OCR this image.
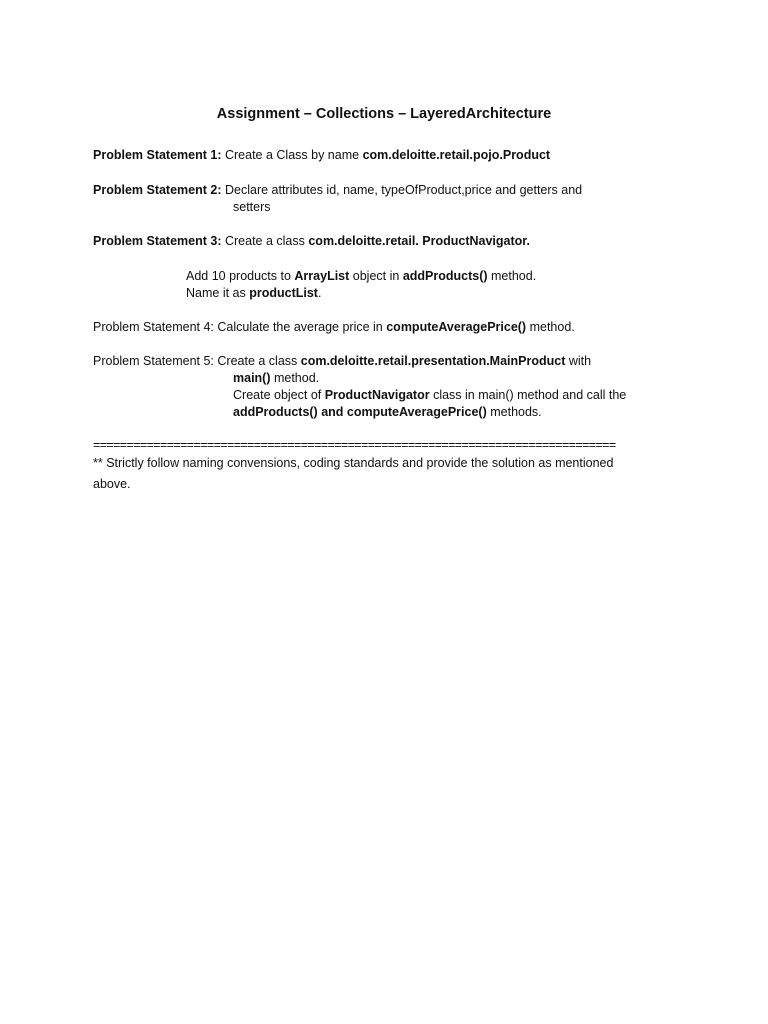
Assignment – Collections – LayeredArchitecture
Problem Statement 1: Create a Class by name com.deloitte.retail.pojo.Product
Problem Statement 2: Declare attributes id, name, typeOfProduct,price and getters and
setters
Problem Statement 3: Create a class com.deloitte.retail. ProductNavigator.
Add 10 products to ArrayList object in addProducts() method.
Name it as productList.
Problem Statement 4: Calculate the average price in computeAveragePrice() method.
Problem Statement 5: Create a class com.deloitte.retail.presentation.MainProduct with
main() method.
Create object of ProductNavigator class in main() method and call the
addProducts() and computeAveragePrice() methods.
==============================================================================
** Strictly follow naming convensions, coding standards and provide the solution as mentioned
above.
